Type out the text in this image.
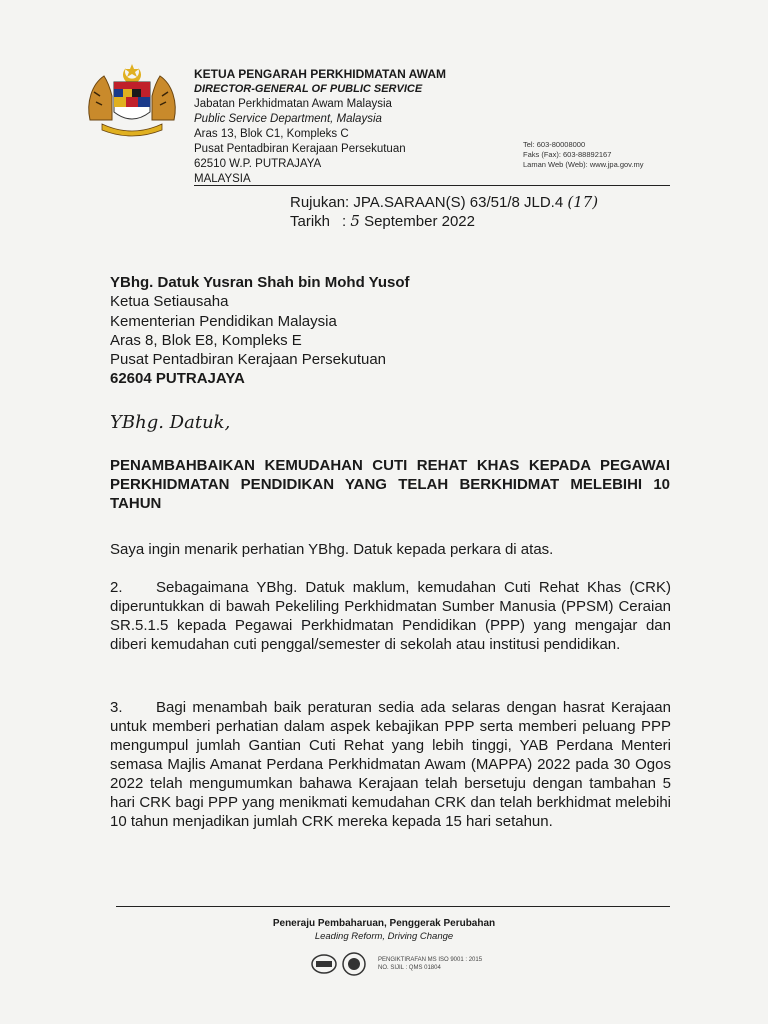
KETUA PENGARAH PERKHIDMATAN AWAM
DIRECTOR-GENERAL OF PUBLIC SERVICE
Jabatan Perkhidmatan Awam Malaysia
Public Service Department, Malaysia
Aras 13, Blok C1, Kompleks C
Pusat Pentadbiran Kerajaan Persekutuan
62510 W.P. PUTRAJAYA
MALAYSIA
Tel: 603-80008000
Faks (Fax): 603-88892167
Laman Web (Web): www.jpa.gov.my
Rujukan: JPA.SARAAN(S) 63/51/8 JLD.4 (17)
Tarikh : 5 September 2022
YBhg. Datuk Yusran Shah bin Mohd Yusof
Ketua Setiausaha
Kementerian Pendidikan Malaysia
Aras 8, Blok E8, Kompleks E
Pusat Pentadbiran Kerajaan Persekutuan
62604 PUTRAJAYA
YBhg. Datuk,
PENAMBAHBAIKAN KEMUDAHAN CUTI REHAT KHAS KEPADA PEGAWAI PERKHIDMATAN PENDIDIKAN YANG TELAH BERKHIDMAT MELEBIHI 10 TAHUN
Saya ingin menarik perhatian YBhg. Datuk kepada perkara di atas.
2. Sebagaimana YBhg. Datuk maklum, kemudahan Cuti Rehat Khas (CRK) diperuntukkan di bawah Pekeliling Perkhidmatan Sumber Manusia (PPSM) Ceraian SR.5.1.5 kepada Pegawai Perkhidmatan Pendidikan (PPP) yang mengajar dan diberi kemudahan cuti penggal/semester di sekolah atau institusi pendidikan.
3. Bagi menambah baik peraturan sedia ada selaras dengan hasrat Kerajaan untuk memberi perhatian dalam aspek kebajikan PPP serta memberi peluang PPP mengumpul jumlah Gantian Cuti Rehat yang lebih tinggi, YAB Perdana Menteri semasa Majlis Amanat Perdana Perkhidmatan Awam (MAPPA) 2022 pada 30 Ogos 2022 telah mengumumkan bahawa Kerajaan telah bersetuju dengan tambahan 5 hari CRK bagi PPP yang menikmati kemudahan CRK dan telah berkhidmat melebihi 10 tahun menjadikan jumlah CRK mereka kepada 15 hari setahun.
Peneraju Pembaharuan, Penggerak Perubahan
Leading Reform, Driving Change
PENGIKTIRAFAN MS ISO 9001 : 2015
NO. SIJIL : QMS 01804
